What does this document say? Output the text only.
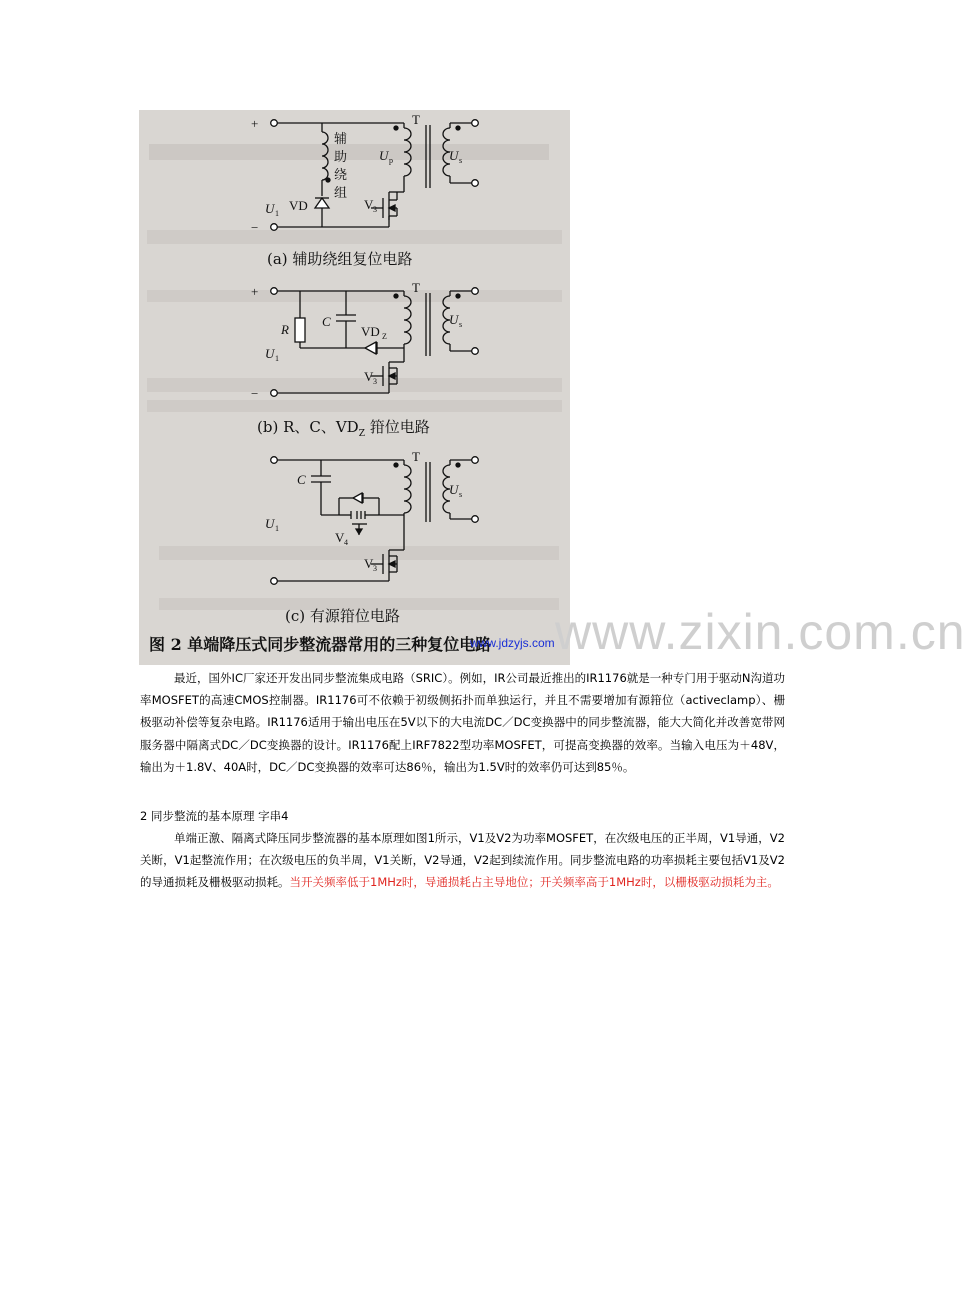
+
−
辅
助
绕
组
VD
U 1
T
U p	U s
V 3
+
−
R
C
VD Z
U 1
T
U s
V 3
C
U 1
V 4
T
U s
V 3
(a) 辅助绕组复位电路
(b) R、C、$VD_Z$ 箝位电路
(c) 有源箝位电路
图 2 单端降压式同步整流器常用的三种复位电路 www.zixin.com.cn
www.jdzyjs.com

最近，国外IC厂家还开发出同步整流集成电路（SRIC）。例如，IR公司最近推出的IR1176就是一种专门用于驱动N沟道功率MOSFET的高速CMOS控制器。IR1176可不依赖于初级侧拓扑而单独运行，并且不需要增加有源箝位（activeclamp）、栅极驱动补偿等复杂电路。IR1176适用于输出电压在5V以下的大电流DC／DC变换器中的同步整流器，能大大简化并改善宽带网服务器中隔离式DC／DC变换器的设计。IR1176配上IRF7822型功率MOSFET，可提高变换器的效率。当输入电压为＋48V，输出为＋1.8V、40A时，DC／DC变换器的效率可达86％，输出为1.5V时的效率仍可达到85％。

2 同步整流的基本原理 字串4

单端正激、隔离式降压同步整流器的基本原理如图1所示，V1及V2为功率MOSFET，在次级电压的正半周，V1导通，V2关断，V1起整流作用；在次级电压的负半周，V1关断，V2导通，V2起到续流作用。同步整流电路的功率损耗主要包括V1及V2的导通损耗及栅极驱动损耗。当开关频率低于1MHz时，导通损耗占主导地位；开关频率高于1MHz时，以栅极驱动损耗为主。
